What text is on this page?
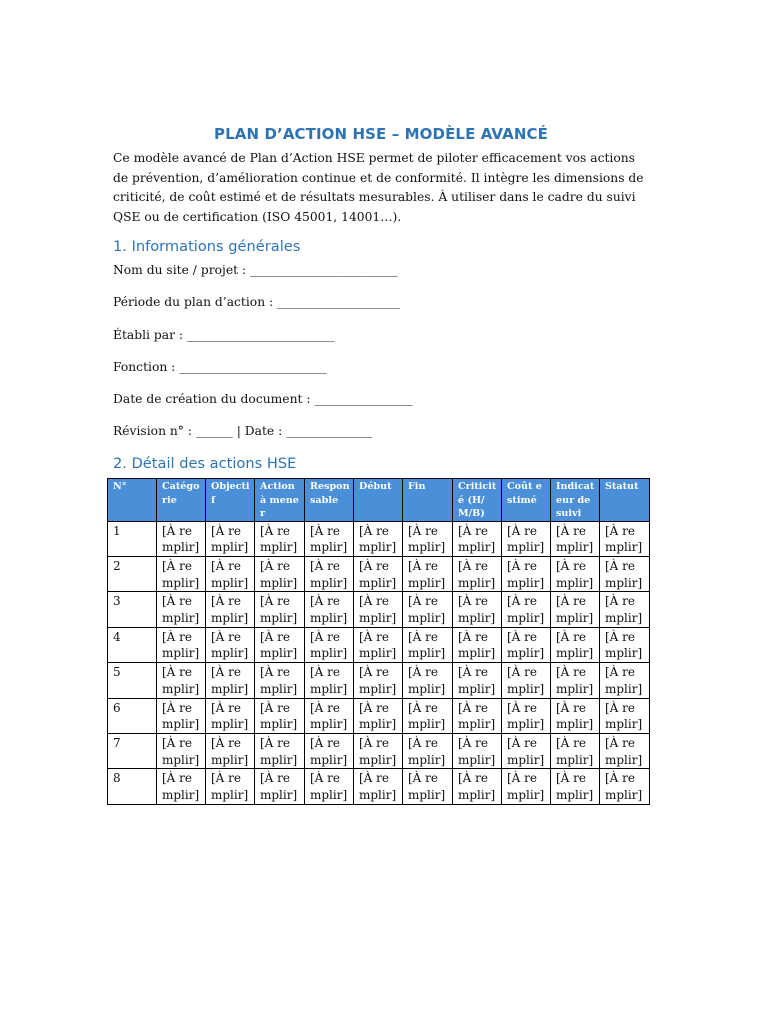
PLAN D’ACTION HSE – MODÈLE AVANCÉ

Ce modèle avancé de Plan d’Action HSE permet de piloter efficacement vos actions de prévention, d’amélioration continue et de conformité. Il intègre les dimensions de criticité, de coût estimé et de résultats mesurables. À utiliser dans le cadre du suivi QSE ou de certification (ISO 45001, 14001…).

1. Informations générales
Nom du site / projet : ________________________
Période du plan d’action : ____________________
Établi par : ________________________
Fonction : ________________________
Date de création du document : ________________
Révision n° : ______ | Date : ______________
2. Détail des actions HSE
N°	Catégorie	Objectif	Action à mener	Responsable	Début	Fin	Criticité (H/M/B)	Coût estimé	Indicateur de suivi	Statut
1	[À remplir]	[À remplir]	[À remplir]	[À remplir]	[À remplir]	[À remplir]	[À remplir]	[À remplir]	[À remplir]	[À remplir]
2	[À remplir]	[À remplir]	[À remplir]	[À remplir]	[À remplir]	[À remplir]	[À remplir]	[À remplir]	[À remplir]	[À remplir]
3	[À remplir]	[À remplir]	[À remplir]	[À remplir]	[À remplir]	[À remplir]	[À remplir]	[À remplir]	[À remplir]	[À remplir]
4	[À remplir]	[À remplir]	[À remplir]	[À remplir]	[À remplir]	[À remplir]	[À remplir]	[À remplir]	[À remplir]	[À remplir]
5	[À remplir]	[À remplir]	[À remplir]	[À remplir]	[À remplir]	[À remplir]	[À remplir]	[À remplir]	[À remplir]	[À remplir]
6	[À remplir]	[À remplir]	[À remplir]	[À remplir]	[À remplir]	[À remplir]	[À remplir]	[À remplir]	[À remplir]	[À remplir]
7	[À remplir]	[À remplir]	[À remplir]	[À remplir]	[À remplir]	[À remplir]	[À remplir]	[À remplir]	[À remplir]	[À remplir]
8	[À remplir]	[À remplir]	[À remplir]	[À remplir]	[À remplir]	[À remplir]	[À remplir]	[À remplir]	[À remplir]	[À remplir]
